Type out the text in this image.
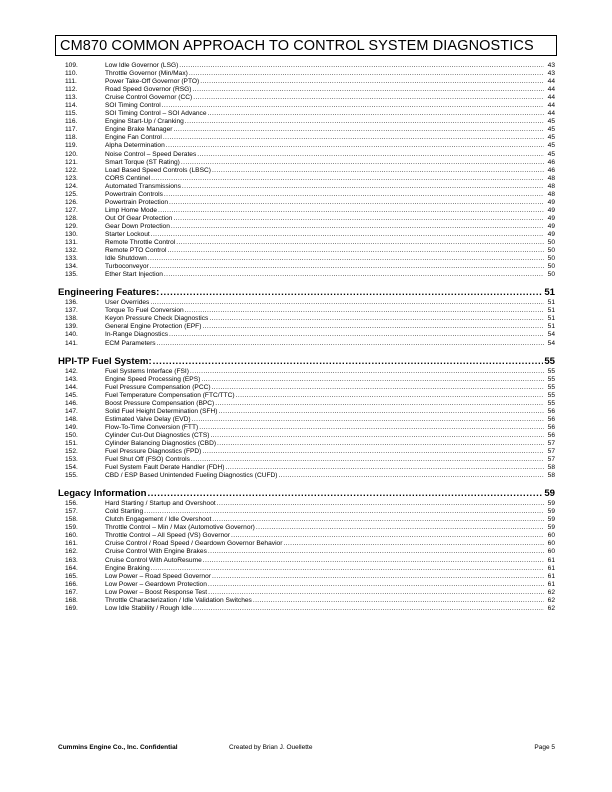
CM870 COMMON APPROACH TO CONTROL SYSTEM DIAGNOSTICS
109.	Low Idle Governor (LSG) .....	43
110.	Throttle Governor (Min/Max) .....	43
111.	Power Take-Off Governor (PTO) .....	44
112.	Road Speed Governor (RSG) .....	44
113.	Cruise Control Governor (CC) .....	44
114.	SOI Timing Control .....	44
115.	SOI Timing Control – SOI Advance .....	44
116.	Engine Start-Up / Cranking .....	45
117.	Engine Brake Manager .....	45
118.	Engine Fan Control .....	45
119.	Alpha Determination .....	45
120.	Noise Control – Speed Derates .....	45
121.	Smart Torque (ST Rating) .....	46
122.	Load Based Speed Controls (LBSC) .....	46
123.	CORS Centinel .....	48
124.	Automated Transmissions .....	48
125.	Powertrain Controls .....	48
126.	Powertrain Protection .....	49
127.	Limp Home Mode .....	49
128.	Out Of Gear Protection .....	49
129.	Gear Down Protection .....	49
130.	Starter Lockout .....	49
131.	Remote Throttle Control .....	50
132.	Remote PTO Control .....	50
133.	Idle Shutdown .....	50
134.	Turboconveyor .....	50
135.	Ether Start Injection .....	50
Engineering Features: .....	51
136.	User Overrides .....	51
137.	Torque To Fuel Conversion .....	51
138.	Keyon Pressure Check Diagnostics .....	51
139.	General Engine Protection (EPF) .....	51
140.	In-Range Diagnostics .....	54
141.	ECM Parameters .....	54
HPI-TP Fuel System: .....	55
142.	Fuel Systems Interface (FSI) .....	55
143.	Engine Speed Processing (EPS) .....	55
144.	Fuel Pressure Compensation (PCC) .....	55
145.	Fuel Temperature Compensation (FTC/TTC) .....	55
146.	Boost Pressure Compensation (BPC) .....	55
147.	Solid Fuel Height Determination (SFH) .....	56
148.	Estimated Valve Delay (EVD) .....	56
149.	Flow-To-Time Conversion (FTT) .....	56
150.	Cylinder Cut-Out Diagnostics (CTS) .....	56
151.	Cylinder Balancing Diagnostics (CBD) .....	57
152.	Fuel Pressure Diagnostics (FPD) .....	57
153.	Fuel Shut Off (FSO) Controls .....	57
154.	Fuel System Fault Derate Handler (FDH) .....	58
155.	CBD / ESP Based Unintended Fueling Diagnostics (CUFD) .....	58
Legacy Information .....	59
156.	Hard Starting / Startup and Overshoot .....	59
157.	Cold Starting .....	59
158.	Clutch Engagement / Idle Overshoot .....	59
159.	Throttle Control – Min / Max (Automotive Governor) .....	59
160.	Throttle Control – All Speed (VS) Governor .....	60
161.	Cruise Control / Road Speed / Geardown Governor Behavior .....	60
162.	Cruise Control With Engine Brakes .....	60
163.	Cruise Control With AutoResume .....	61
164.	Engine Braking .....	61
165.	Low Power – Road Speed Governor .....	61
166.	Low Power – Geardown Protection .....	61
167.	Low Power – Boost Response Test .....	62
168.	Throttle Characterization / Idle Validation Switches .....	62
169.	Low Idle Stability / Rough Idle .....	62
Cummins Engine Co., Inc. Confidential	Created by Brian J. Ouellette	Page 5
